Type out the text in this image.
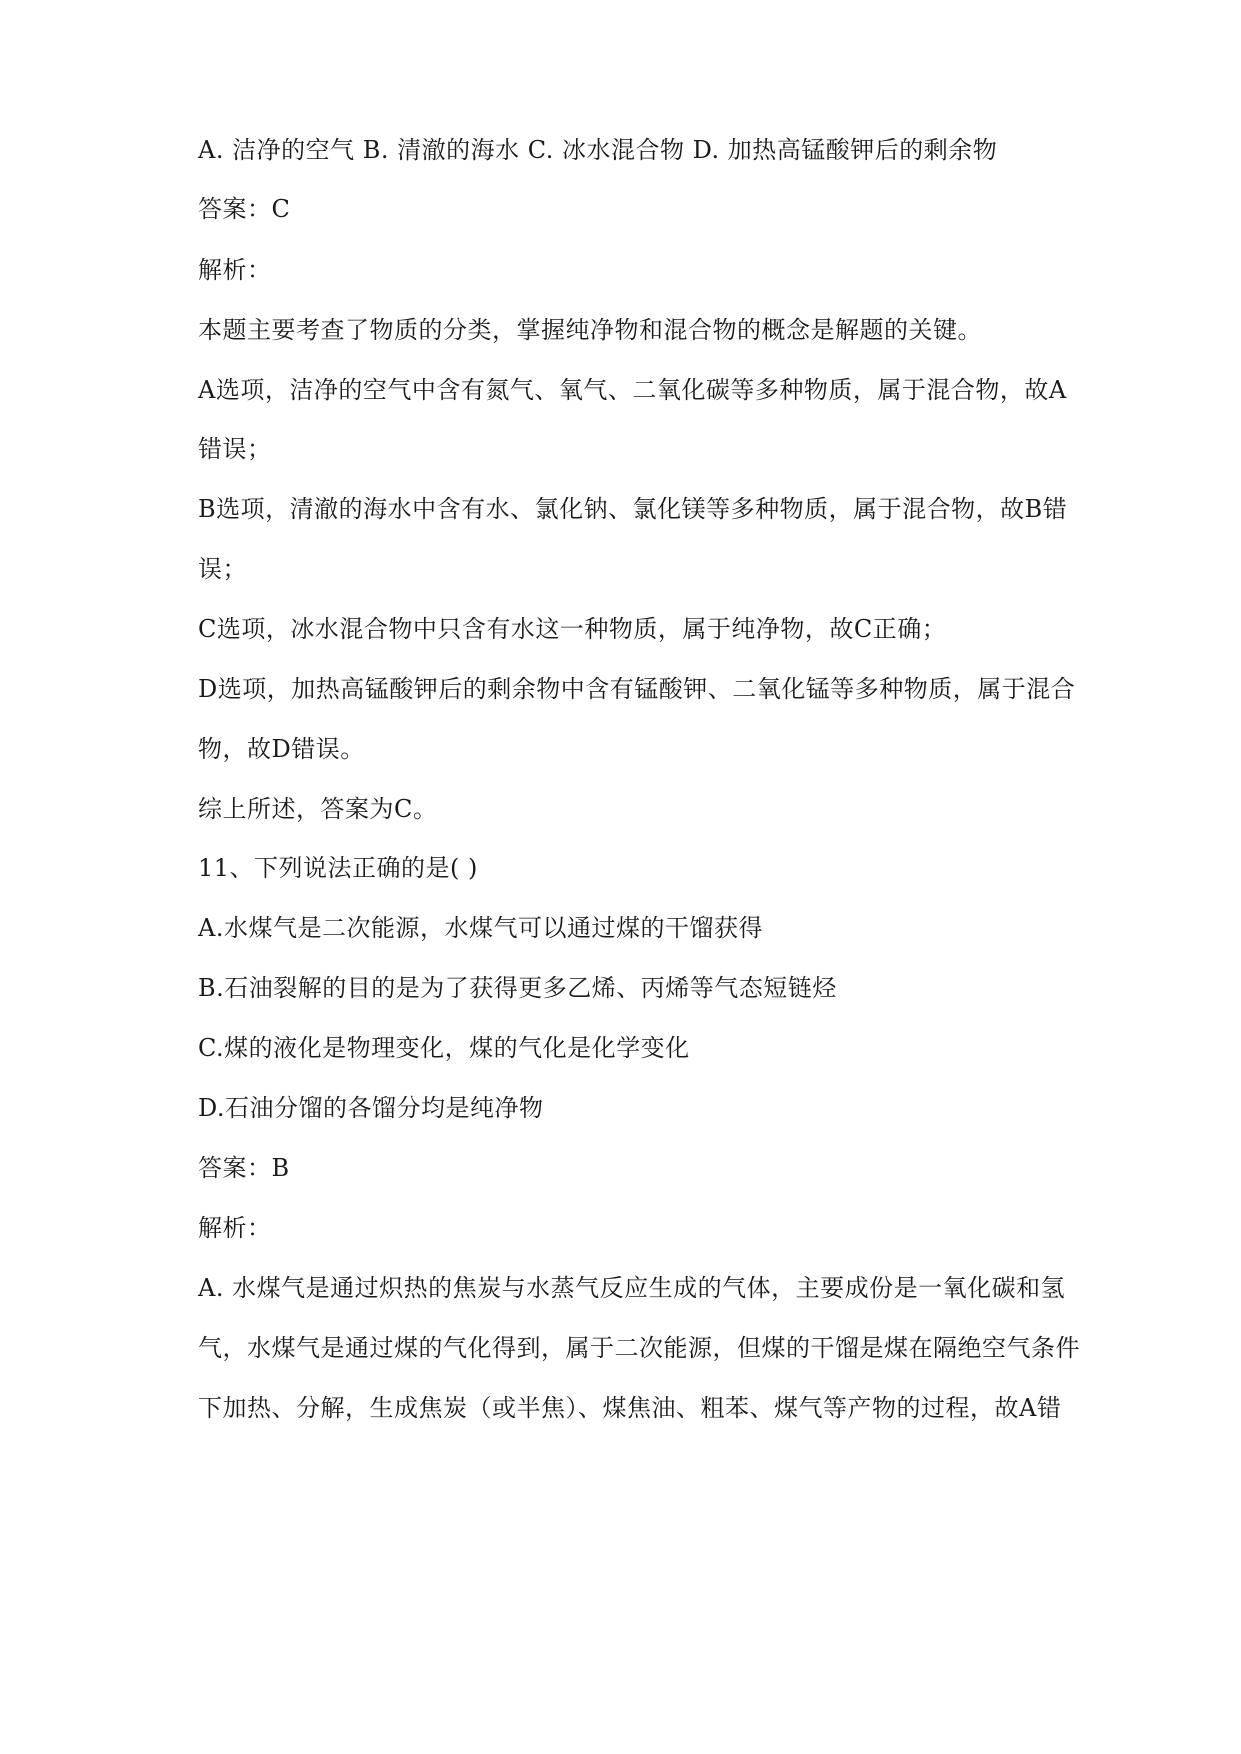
A. 洁净的空气 B. 清澈的海水 C. 冰水混合物 D. 加热高锰酸钾后的剩余物
答案：C
解析：
本题主要考查了物质的分类，掌握纯净物和混合物的概念是解题的关键。
A选项，洁净的空气中含有氮气、氧气、二氧化碳等多种物质，属于混合物，故A
错误；
B选项，清澈的海水中含有水、氯化钠、氯化镁等多种物质，属于混合物，故B错
误；
C选项，冰水混合物中只含有水这一种物质，属于纯净物，故C正确；
D选项，加热高锰酸钾后的剩余物中含有锰酸钾、二氧化锰等多种物质，属于混合
物，故D错误。
综上所述，答案为C。
11、下列说法正确的是( )
A.水煤气是二次能源，水煤气可以通过煤的干馏获得
B.石油裂解的目的是为了获得更多乙烯、丙烯等气态短链烃
C.煤的液化是物理变化，煤的气化是化学变化
D.石油分馏的各馏分均是纯净物
答案：B
解析：
A. 水煤气是通过炽热的焦炭与水蒸气反应生成的气体，主要成份是一氧化碳和氢
气，水煤气是通过煤的气化得到，属于二次能源，但煤的干馏是煤在隔绝空气条件
下加热、分解，生成焦炭（或半焦）、煤焦油、粗苯、煤气等产物的过程，故A错
